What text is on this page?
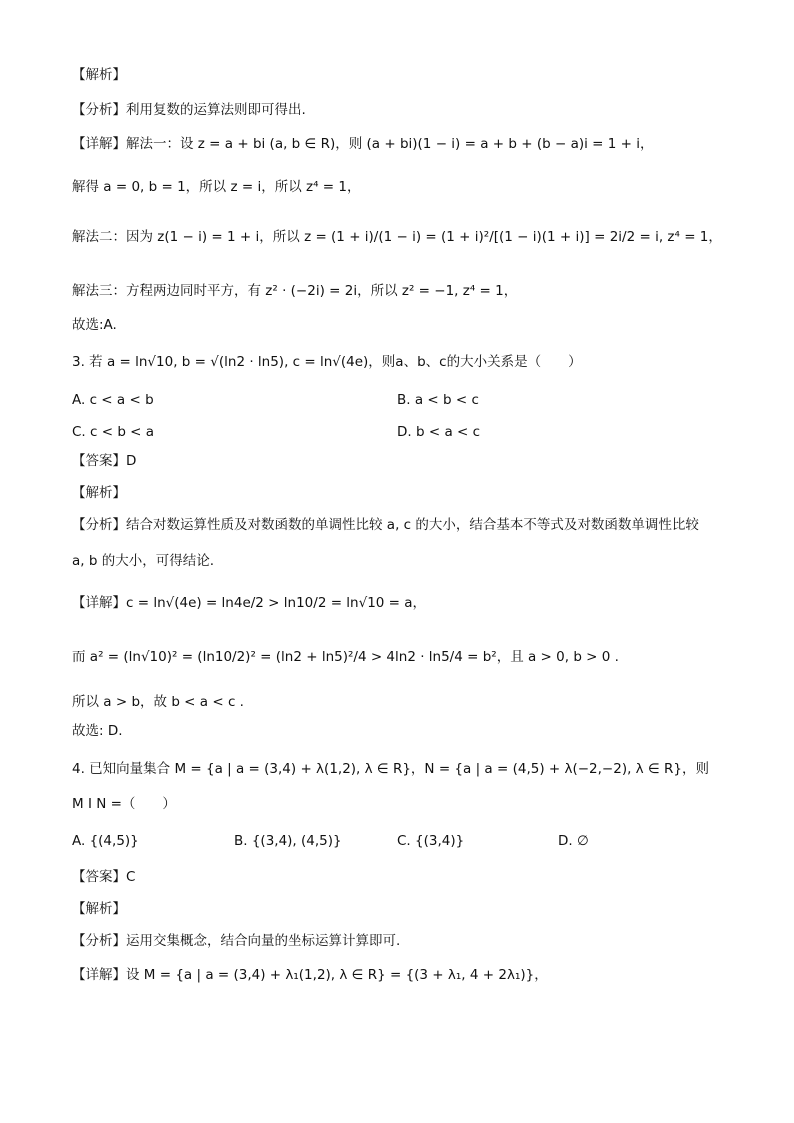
【解析】
【分析】利用复数的运算法则即可得出.
【详解】解法一：设 z = a + bi (a, b ∈ R)，则 (a + bi)(1 − i) = a + b + (b − a)i = 1 + i，
解得 a = 0, b = 1，所以 z = i，所以 z⁴ = 1，
解法二：因为 z(1 − i) = 1 + i，所以 z = (1 + i)/(1 − i) = (1 + i)²/[(1 − i)(1 + i)] = 2i/2 = i, z⁴ = 1，
解法三：方程两边同时平方，有 z² · (−2i) = 2i，所以 z² = −1, z⁴ = 1，
故选:A.
3. 若 a = ln√10, b = √(ln2 · ln5), c = ln√(4e)，则a、b、c的大小关系是（　　）
A. c < a < b	B. a < b < c
C. c < b < a	D. b < a < c
【答案】D
【解析】
【分析】结合对数运算性质及对数函数的单调性比较 a, c 的大小，结合基本不等式及对数函数单调性比较
a, b 的大小，可得结论.
【详解】c = ln√(4e) = ln4e/2 > ln10/2 = ln√10 = a，
而 a² = (ln√10)² = (ln10/2)² = (ln2 + ln5)²/4 > 4ln2 · ln5/4 = b²，且 a > 0, b > 0 .
所以 a > b，故 b < a < c .
故选: D.
4. 已知向量集合 M = {a | a = (3,4) + λ(1,2), λ ∈ R}，N = {a | a = (4,5) + λ(−2,−2), λ ∈ R}，则
M I N =（　　）
A. {(4,5)}	B. {(3,4), (4,5)}	C. {(3,4)}	D. ∅
【答案】C
【解析】
【分析】运用交集概念，结合向量的坐标运算计算即可.
【详解】设 M = {a | a = (3,4) + λ₁(1,2), λ ∈ R} = {(3 + λ₁, 4 + 2λ₁)}，
